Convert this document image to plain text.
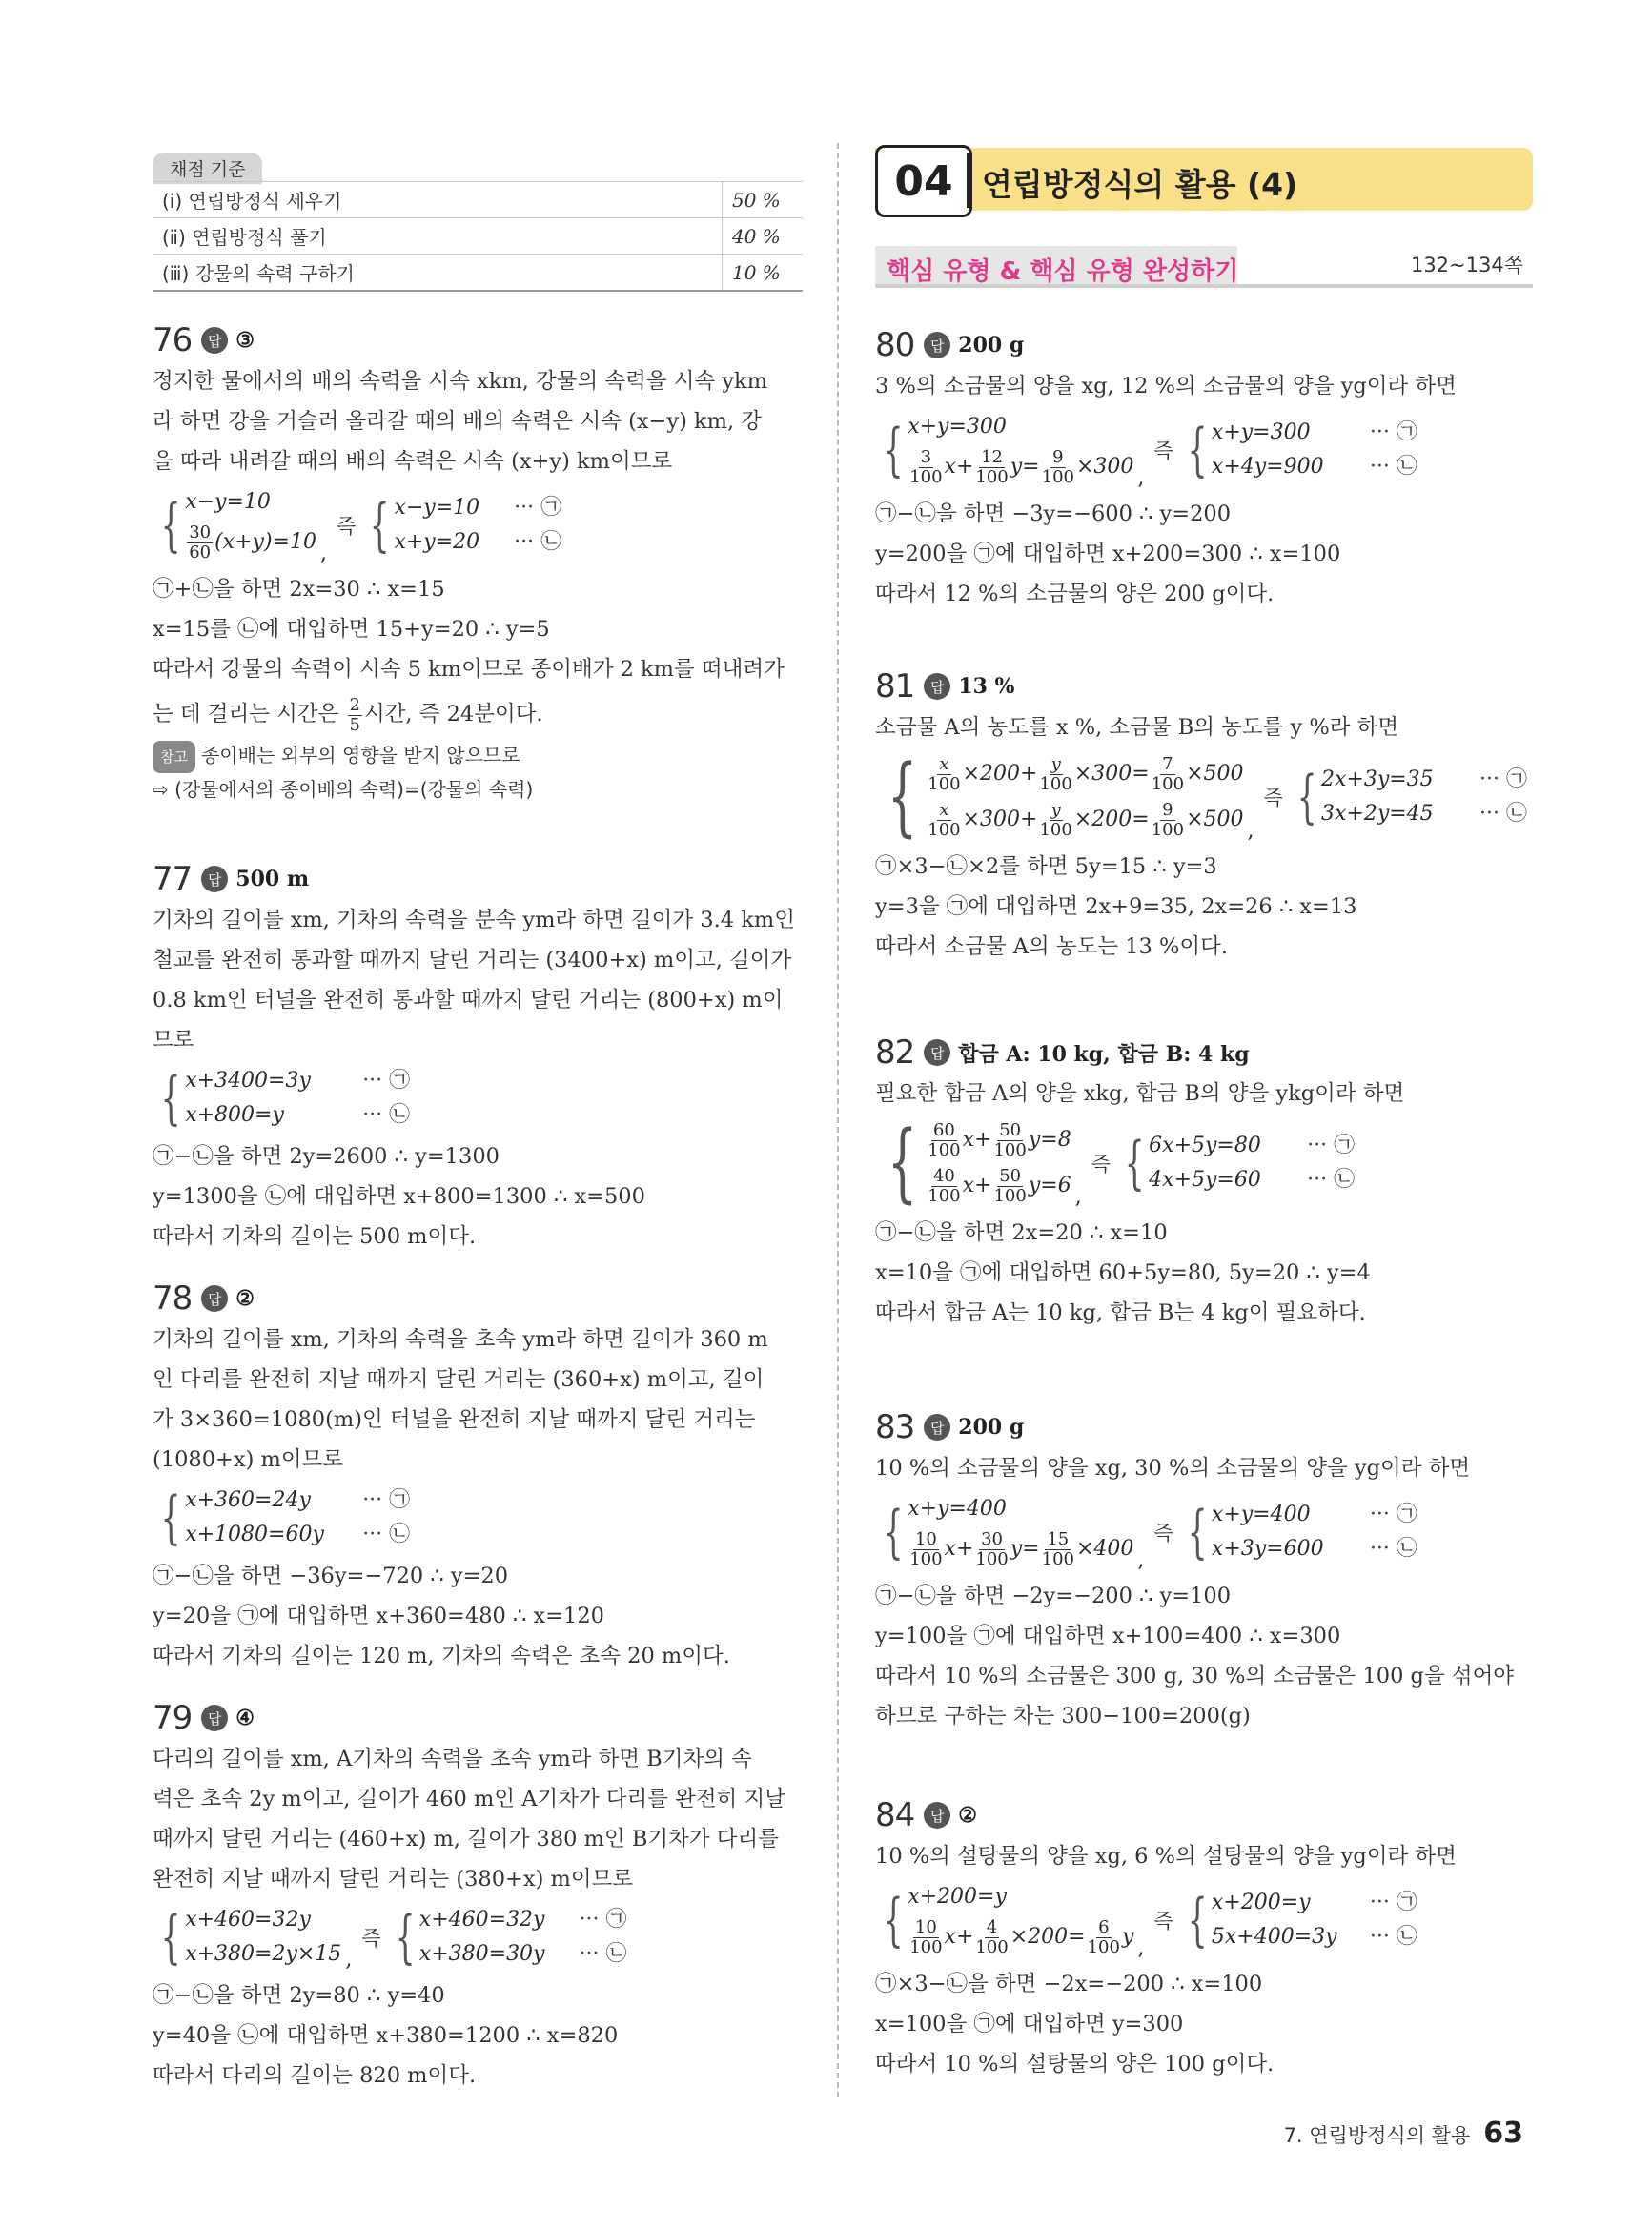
채점 기준
(ⅰ) 연립방정식 세우기	50 %
(ⅱ) 연립방정식 풀기	40 %
(ⅲ) 강물의 속력 구하기	10 %
76	답 ③
정지한 물에서의 배의 속력을 시속 xkm, 강물의 속력을 시속 ykm
라 하면 강을 거슬러 올라갈 때의 배의 속력은 시속 (x−y) km, 강
을 따라 내려갈 때의 배의 속력은 시속 (x+y) km이므로
{ x−y=10
$\frac{30}{60} (x+y)=10$ ,
즉 { x−y=10 ··· ㉠
x+y=20 ··· ㉡
㉠+㉡을 하면 2x=30 ∴ x=15
x=15를 ㉡에 대입하면 15+y=20 ∴ y=5
따라서 강물의 속력이 시속 5 km이므로 종이배가 2 km를 떠내려가
는 데 걸리는 시간은 $\frac{2}{5}$ 시간, 즉 24분이다.
참고 종이배는 외부의 영향을 받지 않으므로
⇨ (강물에서의 종이배의 속력)=(강물의 속력)
77	답 500 m
기차의 길이를 xm, 기차의 속력을 분속 ym라 하면 길이가 3.4 km인
철교를 완전히 통과할 때까지 달린 거리는 (3400+x) m이고, 길이가
0.8 km인 터널을 완전히 통과할 때까지 달린 거리는 (800+x) m이
므로
{ x+3400=3y ··· ㉠
x+800=y	··· ㉡
㉠−㉡을 하면 2y=2600 ∴ y=1300
y=1300을 ㉡에 대입하면 x+800=1300 ∴ x=500
따라서 기차의 길이는 500 m이다.
78	답 ②
기차의 길이를 xm, 기차의 속력을 초속 ym라 하면 길이가 360 m
인 다리를 완전히 지날 때까지 달린 거리는 (360+x) m이고, 길이
가 3×360=1080(m)인 터널을 완전히 지날 때까지 달린 거리는
(1080+x) m이므로
{ x+360=24y ··· ㉠
x+1080=60y ··· ㉡
㉠−㉡을 하면 −36y=−720 ∴ y=20
y=20을 ㉠에 대입하면 x+360=480 ∴ x=120
따라서 기차의 길이는 120 m, 기차의 속력은 초속 20 m이다.
79	답 ④
다리의 길이를 xm, A기차의 속력을 초속 ym라 하면 B기차의 속
력은 초속 2y m이고, 길이가 460 m인 A기차가 다리를 완전히 지날
때까지 달린 거리는 (460+x) m, 길이가 380 m인 B기차가 다리를
완전히 지날 때까지 달린 거리는 (380+x) m이므로
{ x+460=32y
x+380=2y×15 ,
즉 { x+460=32y ··· ㉠
x+380=30y ··· ㉡
㉠−㉡을 하면 2y=80 ∴ y=40
y=40을 ㉡에 대입하면 x+380=1200 ∴ x=820
따라서 다리의 길이는 820 m이다.
04 연립방정식의 활용 (4)
핵심 유형 & 핵심 유형 완성하기	132~134쪽
80	답 200 g
3 %의 소금물의 양을 xg, 12 %의 소금물의 양을 yg이라 하면
{ x+y=300
$\frac{3}{100} x+ \frac{12}{100} y= \frac{9}{100} \times 300$ ,
즉 { x+y=300	··· ㉠
x+4y=900 ··· ㉡
㉠−㉡을 하면 −3y=−600 ∴ y=200
y=200을 ㉠에 대입하면 x+200=300 ∴ x=100
따라서 12 %의 소금물의 양은 200 g이다.
81	답 13 %
소금물 A의 농도를 x %, 소금물 B의 농도를 y %라 하면
{ $\frac{x}{100} \times 200+ \frac{y}{100} \times 300= \frac{7}{100} \times 500$
$\frac{x}{100} \times 300+ \frac{y}{100} \times 200= \frac{9}{100} \times 500$ ,
즉 { 2x+3y=35 ··· ㉠
3x+2y=45 ··· ㉡
㉠×3−㉡×2를 하면 5y=15 ∴ y=3
y=3을 ㉠에 대입하면 2x+9=35, 2x=26 ∴ x=13
따라서 소금물 A의 농도는 13 %이다.
82	답 합금 A: 10 kg, 합금 B: 4 kg
필요한 합금 A의 양을 xkg, 합금 B의 양을 ykg이라 하면
{ $\frac{60}{100} x+ \frac{50}{100} y=8$
$\frac{40}{100} x+ \frac{50}{100} y=6$ ,
즉 { 6x+5y=80 ··· ㉠
4x+5y=60 ··· ㉡
㉠−㉡을 하면 2x=20 ∴ x=10
x=10을 ㉠에 대입하면 60+5y=80, 5y=20 ∴ y=4
따라서 합금 A는 10 kg, 합금 B는 4 kg이 필요하다.
83	답 200 g
10 %의 소금물의 양을 xg, 30 %의 소금물의 양을 yg이라 하면
{ x+y=400
$\frac{10}{100} x+ \frac{30}{100} y= \frac{15}{100} \times 400$ ,
즉 { x+y=400	··· ㉠
x+3y=600 ··· ㉡
㉠−㉡을 하면 −2y=−200 ∴ y=100
y=100을 ㉠에 대입하면 x+100=400 ∴ x=300
따라서 10 %의 소금물은 300 g, 30 %의 소금물은 100 g을 섞어야
하므로 구하는 차는 300−100=200(g)
84	답 ②
10 %의 설탕물의 양을 xg, 6 %의 설탕물의 양을 yg이라 하면
{ x+200=y
$\frac{10}{100} x+ \frac{4}{100} \times 200= \frac{6}{100}$ y ,
즉 { x+200=y	··· ㉠
5x+400=3y ··· ㉡
㉠×3−㉡을 하면 −2x=−200 ∴ x=100
x=100을 ㉠에 대입하면 y=300
따라서 10 %의 설탕물의 양은 100 g이다.
7. 연립방정식의 활용 63
